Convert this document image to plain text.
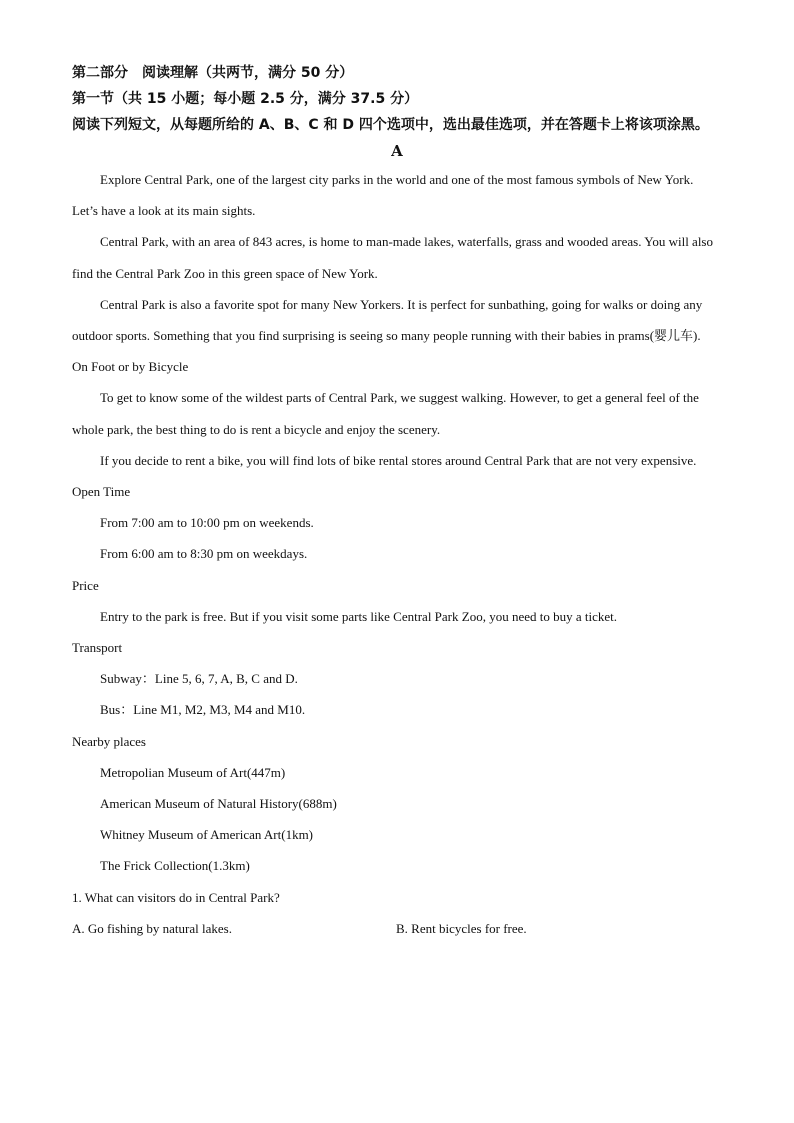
第二部分　阅读理解（共两节，满分 50 分）

第一节（共 15 小题；每小题 2.5 分，满分 37.5 分）

阅读下列短文，从每题所给的 A、B、C 和 D 四个选项中，选出最佳选项，并在答题卡上将该项涂黑。

A

Explore Central Park, one of the largest city parks in the world and one of the most famous symbols of New York. Let’s have a look at its main sights.

Central Park, with an area of 843 acres, is home to man-made lakes, waterfalls, grass and wooded areas. You will also find the Central Park Zoo in this green space of New York.

Central Park is also a favorite spot for many New Yorkers. It is perfect for sunbathing, going for walks or doing any outdoor sports. Something that you find surprising is seeing so many people running with their babies in prams(婴儿车).

On Foot or by Bicycle

To get to know some of the wildest parts of Central Park, we suggest walking. However, to get a general feel of the whole park, the best thing to do is rent a bicycle and enjoy the scenery.

If you decide to rent a bike, you will find lots of bike rental stores around Central Park that are not very expensive.

Open Time

From 7:00 am to 10:00 pm on weekends.

From 6:00 am to 8:30 pm on weekdays.

Price

Entry to the park is free. But if you visit some parts like Central Park Zoo, you need to buy a ticket.

Transport

Subway：Line 5, 6, 7, A, B, C and D.

Bus：Line M1, M2, M3, M4 and M10.

Nearby places

Metropolian Museum of Art(447m)

American Museum of Natural History(688m)

Whitney Museum of American Art(1km)

The Frick Collection(1.3km)

1. What can visitors do in Central Park?

A. Go fishing by natural lakes.	B. Rent bicycles for free.
